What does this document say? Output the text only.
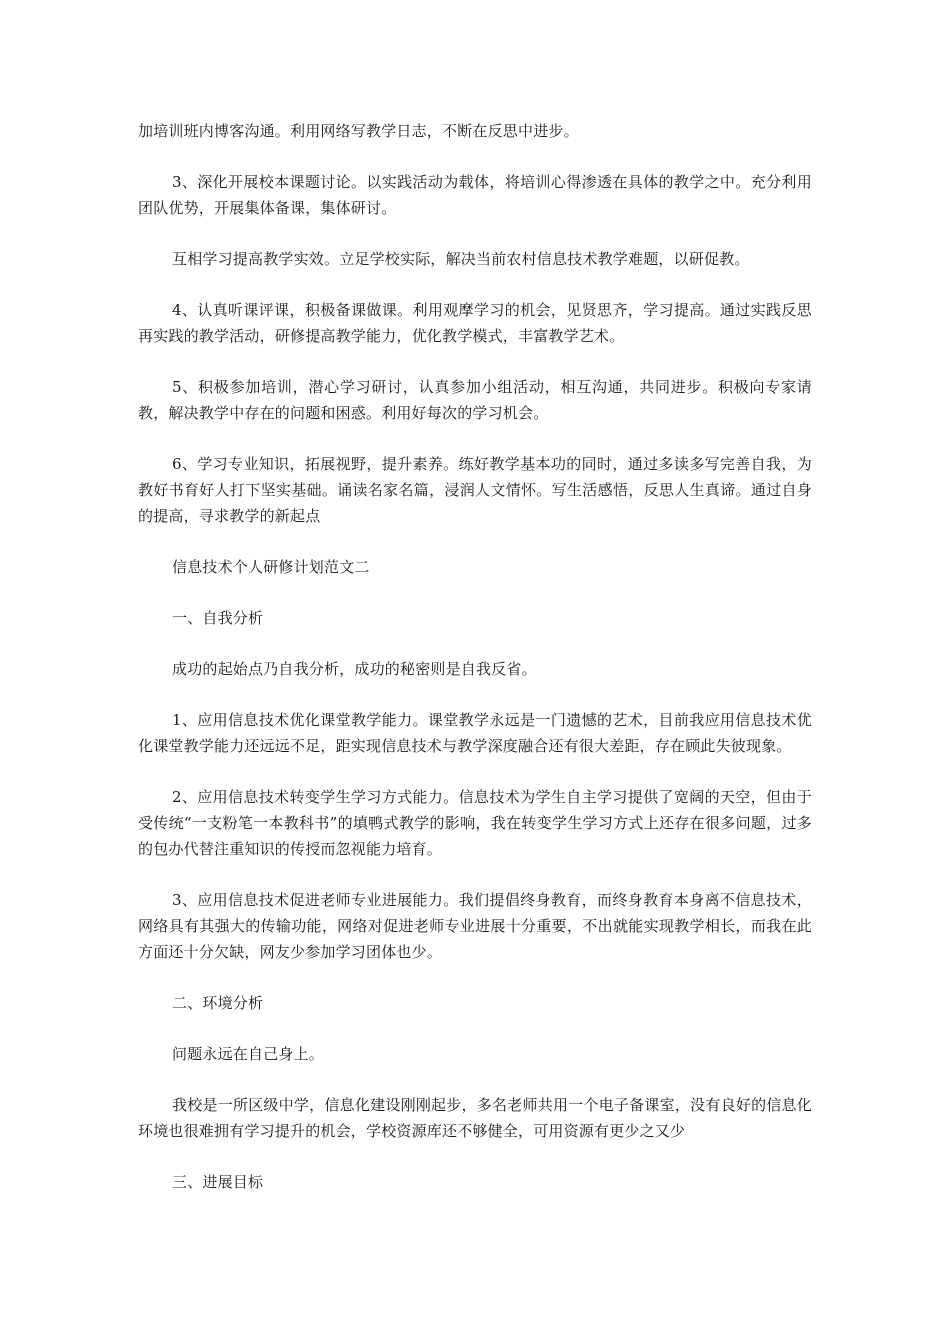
加培训班内博客沟通。利用网络写教学日志，不断在反思中进步。

3、深化开展校本课题讨论。以实践活动为载体，将培训心得渗透在具体的教学之中。充分利用团队优势，开展集体备课，集体研讨。

互相学习提高教学实效。立足学校实际，解决当前农村信息技术教学难题，以研促教。

4、认真听课评课，积极备课做课。利用观摩学习的机会，见贤思齐，学习提高。通过实践反思再实践的教学活动，研修提高教学能力，优化教学模式，丰富教学艺术。

5、积极参加培训，潜心学习研讨，认真参加小组活动，相互沟通，共同进步。积极向专家请教，解决教学中存在的问题和困惑。利用好每次的学习机会。

6、学习专业知识，拓展视野，提升素养。练好教学基本功的同时，通过多读多写完善自我，为教好书育好人打下坚实基础。诵读名家名篇，浸润人文情怀。写生活感悟，反思人生真谛。通过自身的提高，寻求教学的新起点

信息技术个人研修计划范文二

一、自我分析

成功的起始点乃自我分析，成功的秘密则是自我反省。

1、应用信息技术优化课堂教学能力。课堂教学永远是一门遗憾的艺术，目前我应用信息技术优化课堂教学能力还远远不足，距实现信息技术与教学深度融合还有很大差距，存在顾此失彼现象。

2、应用信息技术转变学生学习方式能力。信息技术为学生自主学习提供了宽阔的天空，但由于受传统“一支粉笔一本教科书”的填鸭式教学的影响，我在转变学生学习方式上还存在很多问题，过多的包办代替注重知识的传授而忽视能力培育。

3、应用信息技术促进老师专业进展能力。我们提倡终身教育，而终身教育本身离不信息技术，网络具有其强大的传输功能，网络对促进老师专业进展十分重要，不出就能实现教学相长，而我在此方面还十分欠缺，网友少参加学习团体也少。

二、环境分析

问题永远在自己身上。

我校是一所区级中学，信息化建设刚刚起步，多名老师共用一个电子备课室，没有良好的信息化环境也很难拥有学习提升的机会，学校资源库还不够健全，可用资源有更少之又少

三、进展目标
